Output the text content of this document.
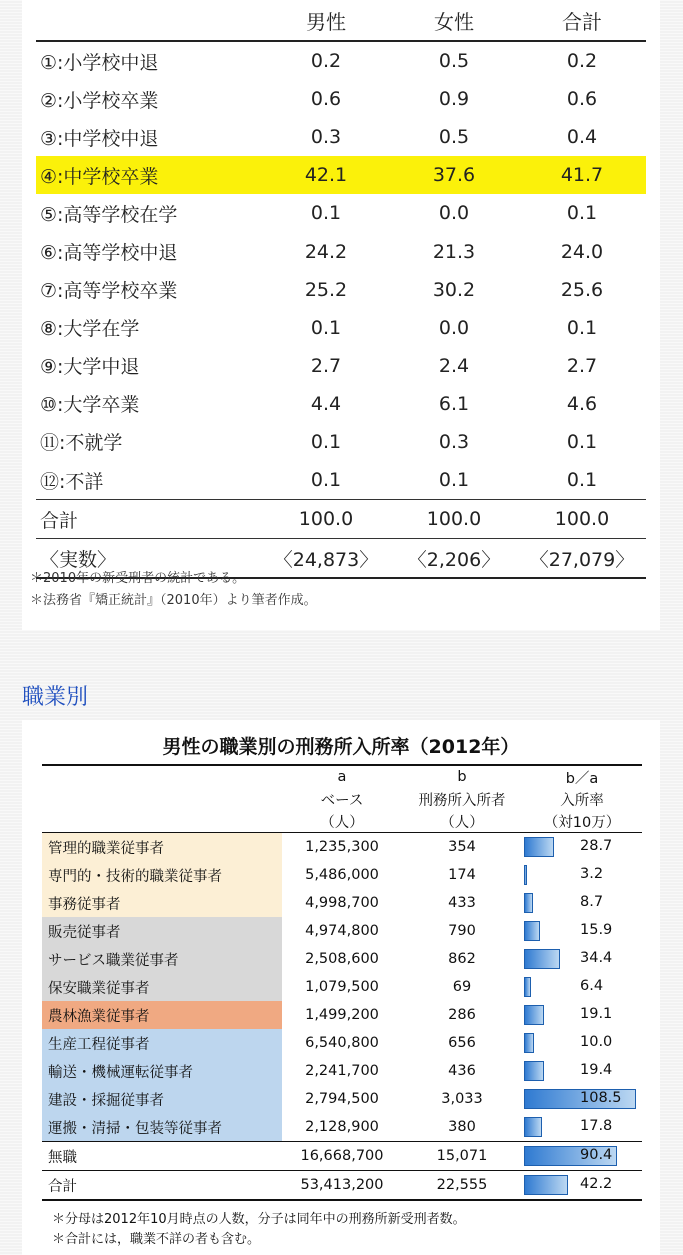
	男性	女性	合計
①:小学校中退	0.2	0.5	0.2
②:小学校卒業	0.6	0.9	0.6
③:中学校中退	0.3	0.5	0.4
④:中学校卒業	42.1	37.6	41.7
⑤:高等学校在学	0.1	0.0	0.1
⑥:高等学校中退	24.2	21.3	24.0
⑦:高等学校卒業	25.2	30.2	25.6
⑧:大学在学	0.1	0.0	0.1
⑨:大学中退	2.7	2.4	2.7
⑩:大学卒業	4.4	6.1	4.6
⑪:不就学	0.1	0.3	0.1
⑫:不詳	0.1	0.1	0.1
合計	100.0	100.0	100.0
〈実数〉	〈24,873〉	〈2,206〉	〈27,079〉
＊2010年の新受刑者の統計である。
＊法務省『矯正統計』（2010年）より筆者作成。
職業別
男性の職業別の刑務所入所率（2012年）
	a	b	b／a
	ベース	刑務所入所者	入所率
	（人）	（人）	（対10万）
管理的職業従事者	1,235,300	354	28.7

専門的・技術的職業従事者	5,486,000	174	3.2

事務従事者	4,998,700	433	8.7

販売従事者	4,974,800	790	15.9

サービス職業従事者	2,508,600	862	34.4

保安職業従事者	1,079,500	69	6.4

農林漁業従事者	1,499,200	286	19.1

生産工程従事者	6,540,800	656	10.0

輸送・機械運転従事者	2,241,700	436	19.4

建設・採掘従事者	2,794,500	3,033	108.5

運搬・清掃・包装等従事者	2,128,900	380	17.8

無職	16,668,700	15,071	90.4

合計	53,413,200	22,555	42.2
＊分母は2012年10月時点の人数，分子は同年中の刑務所新受刑者数。
＊合計には，職業不詳の者も含む。
